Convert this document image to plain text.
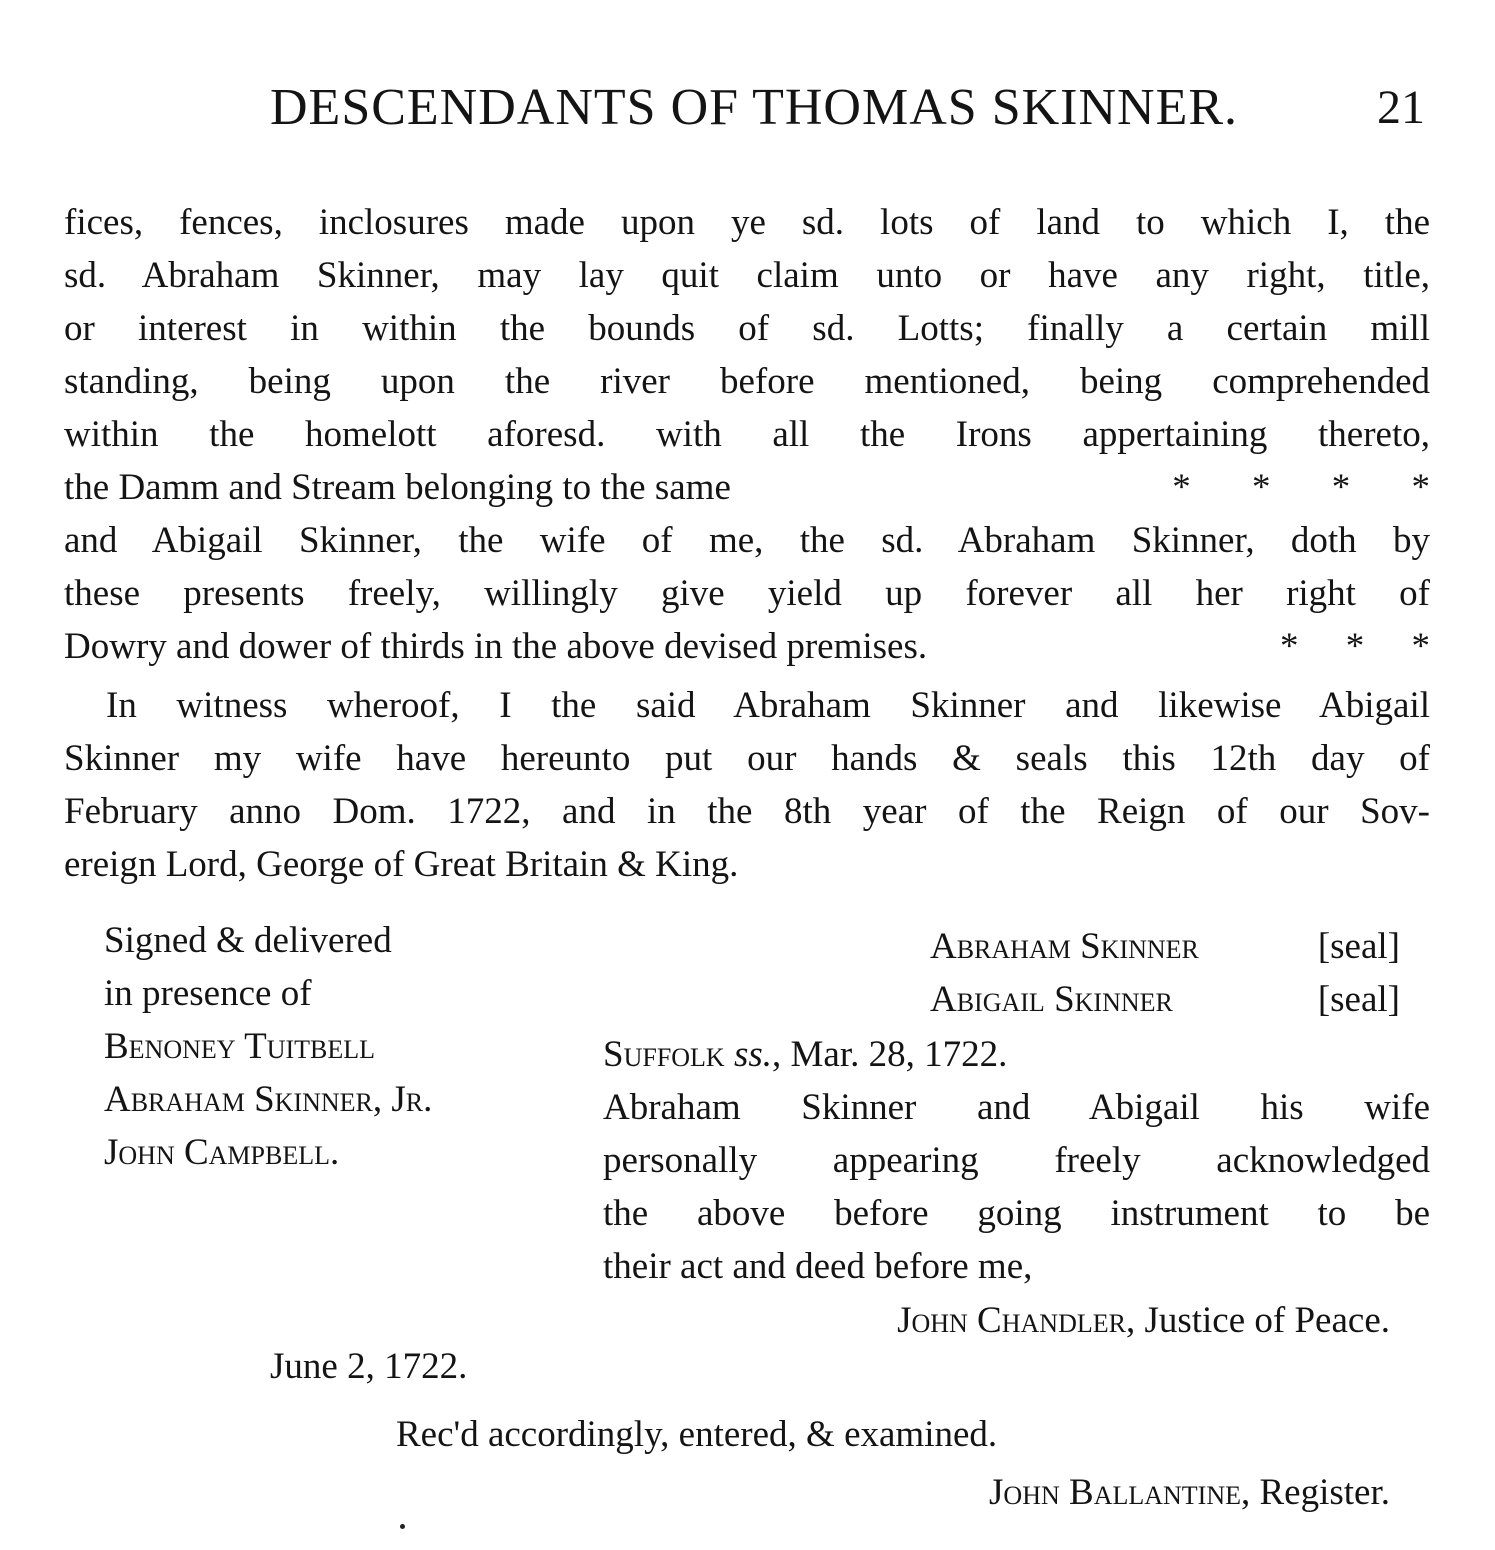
DESCENDANTS OF THOMAS SKINNER.	21
fices, fences, inclosures made upon ye sd. lots of land to which I, the
sd. Abraham Skinner, may lay quit claim unto or have any right, title,
or interest in within the bounds of sd. Lotts; finally a certain mill
standing, being upon the river before mentioned, being comprehended
within the homelott aforesd. with all the Irons appertaining thereto,
the Damm and Stream belonging to the same	* * * *
and Abigail Skinner, the wife of me, the sd. Abraham Skinner, doth by
these presents freely, willingly give yield up forever all her right of
Dowry and dower of thirds in the above devised premises.	* * *
In witness wheroof, I the said Abraham Skinner and likewise Abigail
Skinner my wife have hereunto put our hands & seals this 12th day of
February anno Dom. 1722, and in the 8th year of the Reign of our Sov-
ereign Lord, George of Great Britain & King.
Signed & delivered
in presence of
Benoney Tuitbell
Abraham Skinner, Jr.
John Campbell.
Abraham Skinner	[seal]
Abigail Skinner	[seal]
Suffolk ss., Mar. 28, 1722.
Abraham Skinner and Abigail his wife
personally appearing freely acknowledged
the above before going instrument to be
their act and deed before me,
John Chandler, Justice of Peace.
June 2, 1722.
Rec'd accordingly, entered, & examined.
John Ballantine, Register.
